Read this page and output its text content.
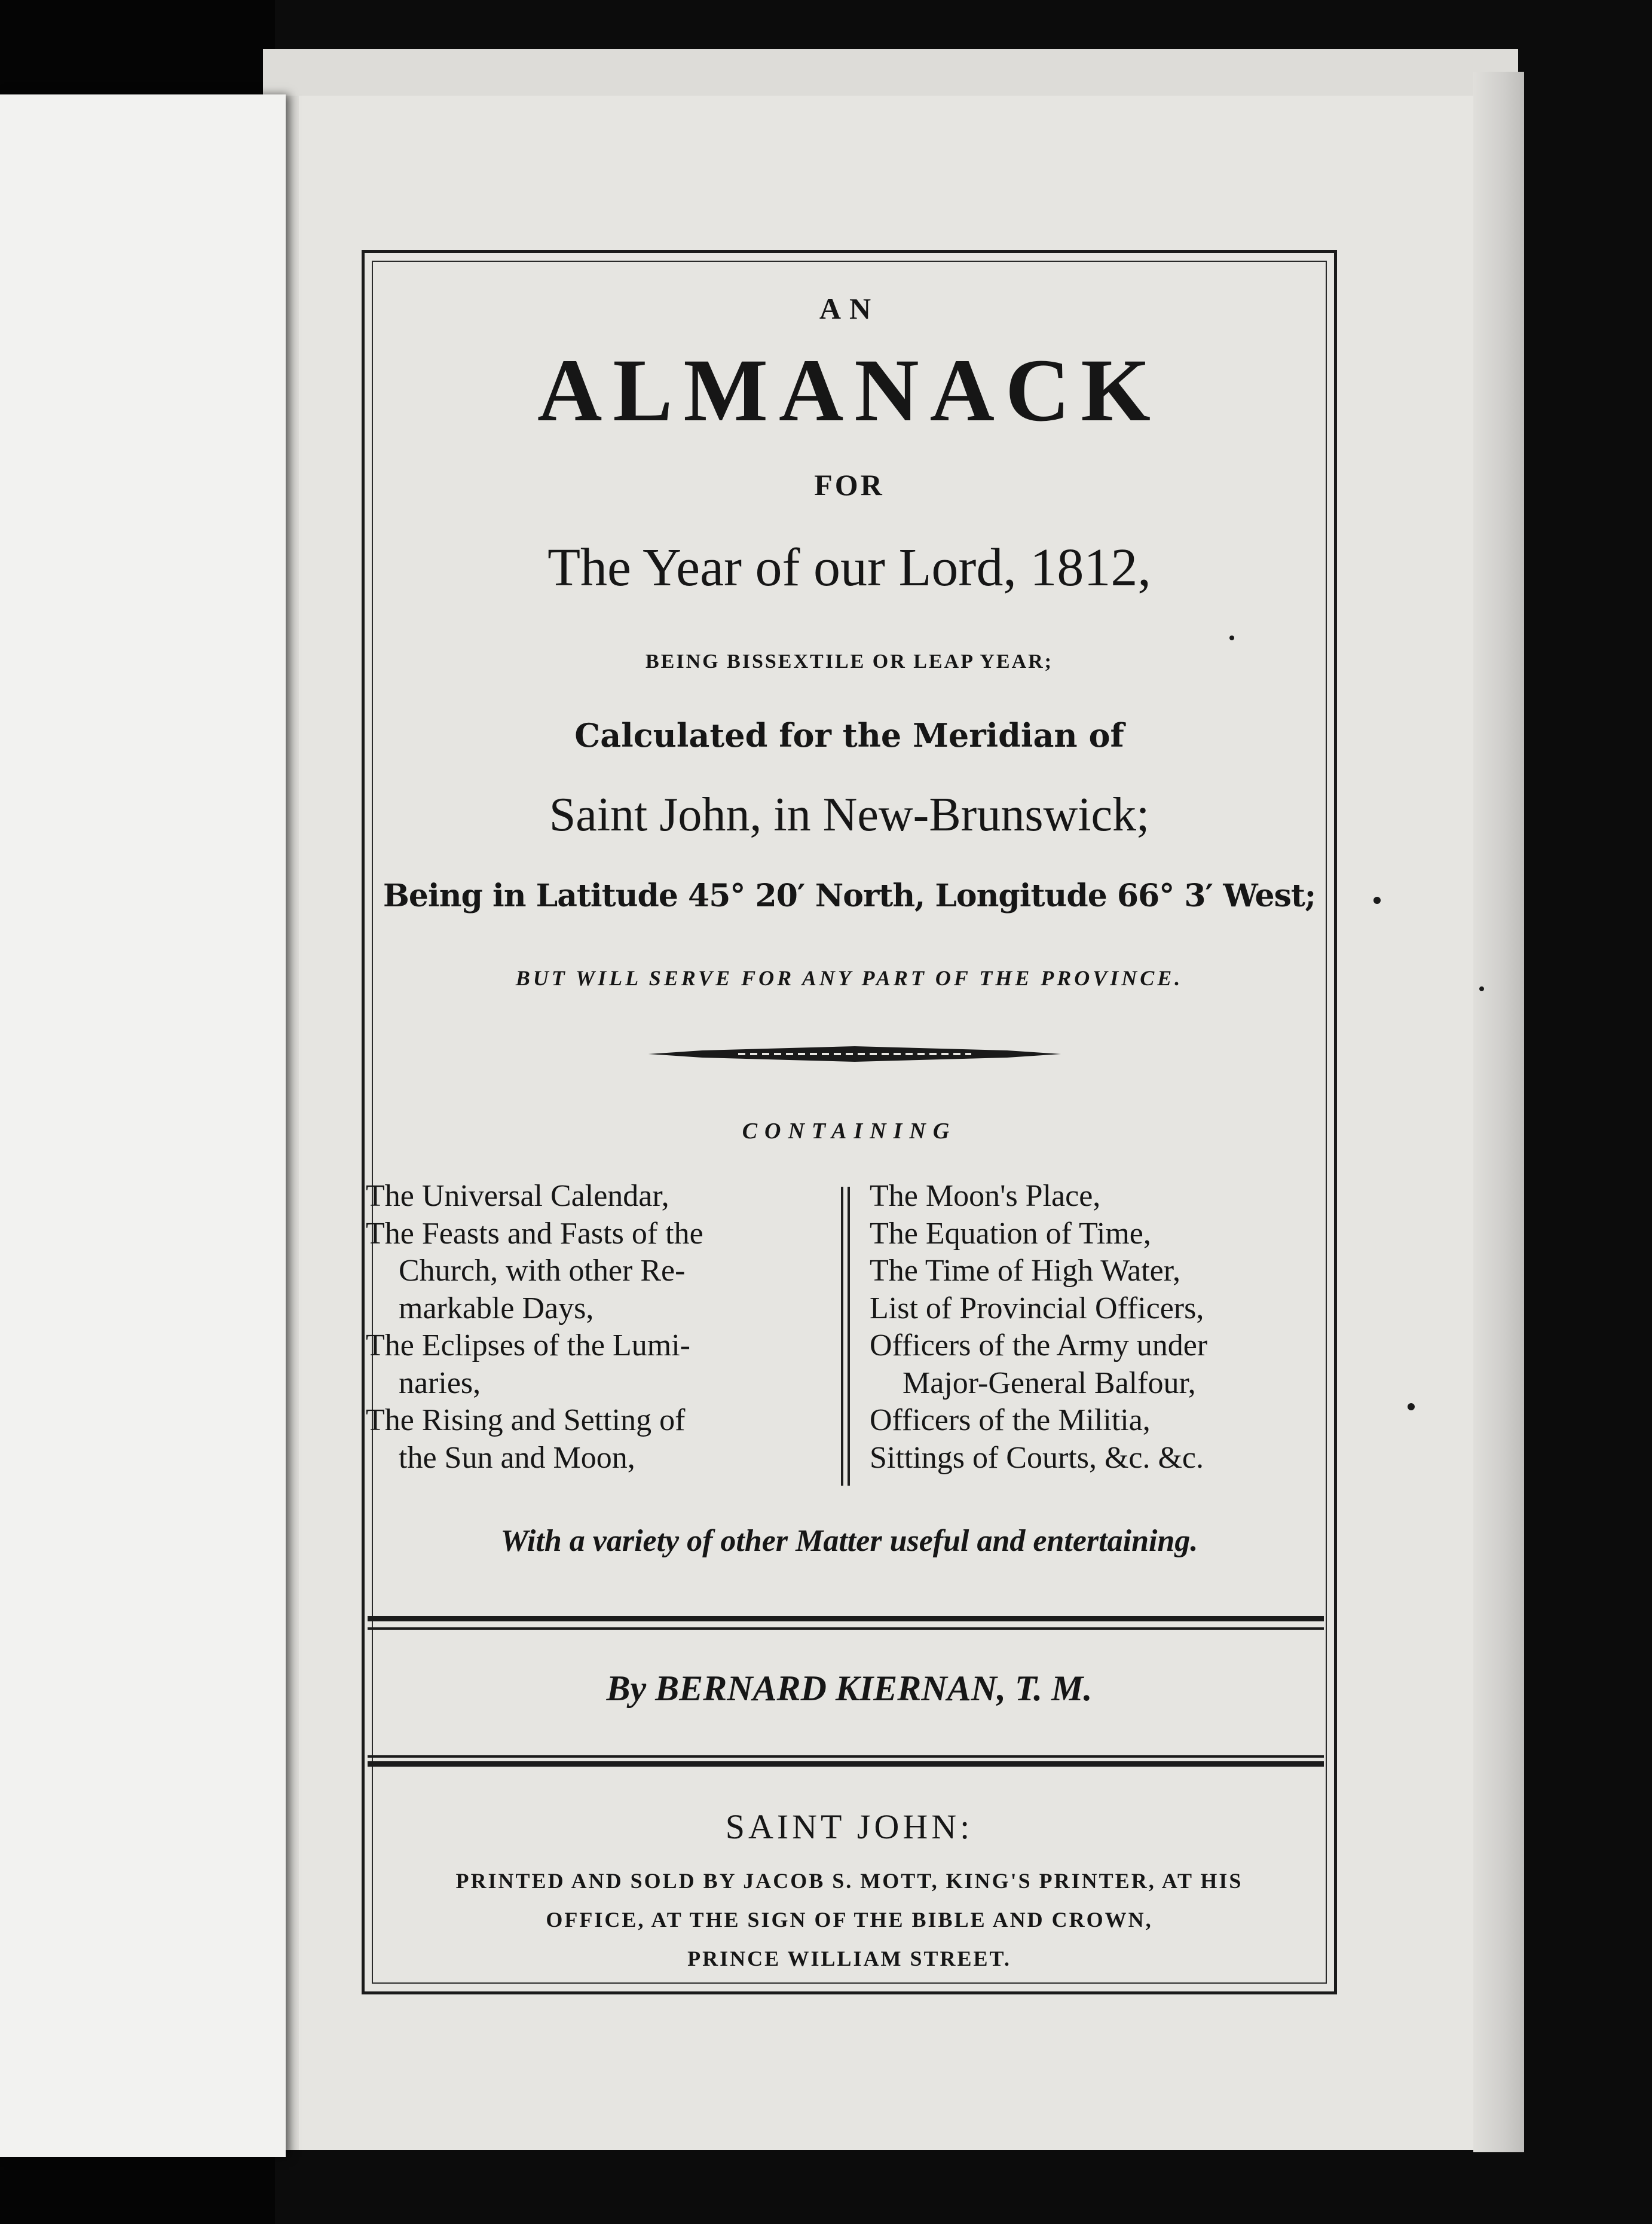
AN
ALMANACK
FOR
The Year of our Lord, 1812,
BEING BISSEXTILE OR LEAP YEAR;
Calculated for the Meridian of
Saint John, in New-Brunswick;
Being in Latitude 45° 20′ North, Longitude 66° 3′ West;
BUT WILL SERVE FOR ANY PART OF THE PROVINCE.
CONTAINING
The Universal Calendar,
The Feasts and Fasts of the
Church, with other Re-
markable Days,
The Eclipses of the Lumi-
naries,
The Rising and Setting of
the Sun and Moon,
The Moon's Place,
The Equation of Time,
The Time of High Water,
List of Provincial Officers,
Officers of the Army under
Major-General Balfour,
Officers of the Militia,
Sittings of Courts, &c. &c.
With a variety of other Matter useful and entertaining.
By BERNARD KIERNAN, T. M.
SAINT JOHN:
PRINTED AND SOLD BY JACOB S. MOTT, KING'S PRINTER, AT HIS
OFFICE, AT THE SIGN OF THE BIBLE AND CROWN,
PRINCE WILLIAM STREET.
